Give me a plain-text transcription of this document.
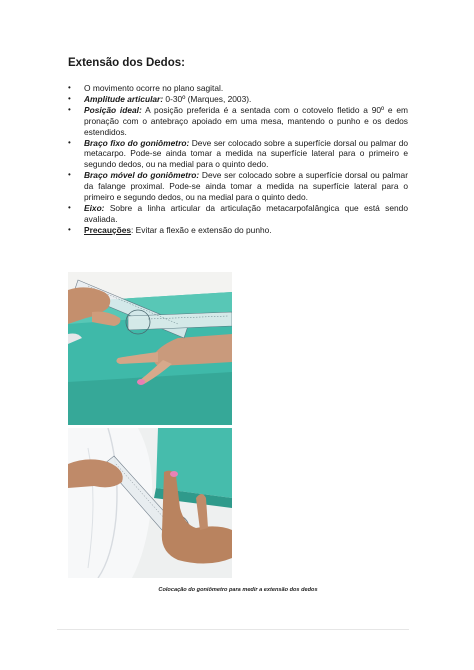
Extensão dos Dedos:
• O movimento ocorre no plano sagital.
• Amplitude articular: 0-30º (Marques, 2003).
• Posição ideal: A posição preferida é a sentada com o cotovelo fletido a 90º e em pronação com o antebraço apoiado em uma mesa, mantendo o punho e os dedos estendidos.
• Braço fixo do goniômetro: Deve ser colocado sobre a superfície dorsal ou palmar do metacarpo. Pode-se ainda tomar a medida na superfície lateral para o primeiro e segundo dedos, ou na medial para o quinto dedo.
• Braço móvel do goniômetro: Deve ser colocado sobre a superfície dorsal ou palmar da falange proximal. Pode-se ainda tomar a medida na superfície lateral para o primeiro e segundo dedos, ou na medial para o quinto dedo.
• Eixo: Sobre a linha articular da articulação metacarpofalângica que está sendo avaliada.
• Precauções: Evitar a flexão e extensão do punho.
Colocação do goniômetro para medir a extensão dos dedos
